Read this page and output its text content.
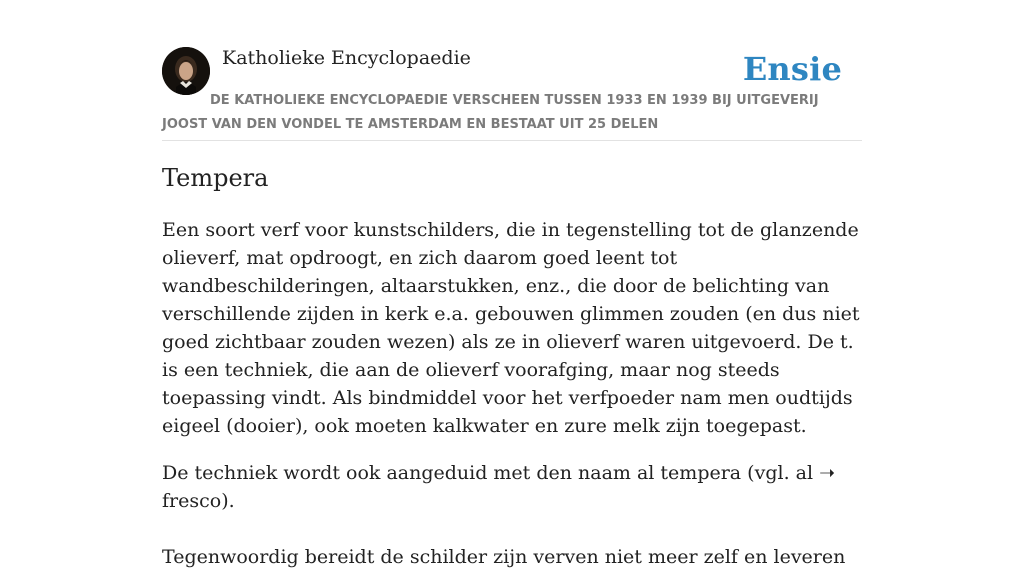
Katholieke Encyclopaedie	Ensie
DE KATHOLIEKE ENCYCLOPAEDIE VERSCHEEN TUSSEN 1933 EN 1939 BIJ UITGEVERIJ JOOST VAN DEN VONDEL TE AMSTERDAM EN BESTAAT UIT 25 DELEN
Tempera

Een soort verf voor kunstschilders, die in tegenstelling tot de glanzende olieverf, mat opdroogt, en zich daarom goed leent tot wandbeschilderingen, altaarstukken, enz., die door de belichting van verschillende zijden in kerk e.a. gebouwen glimmen zouden (en dus niet goed zichtbaar zouden wezen) als ze in olieverf waren uitgevoerd. De t. is een techniek, die aan de olieverf voorafging, maar nog steeds toepassing vindt. Als bindmiddel voor het verfpoeder nam men oudtijds eigeel (dooier), ook moeten kalkwater en zure melk zijn toegepast.

De techniek wordt ook aangeduid met den naam al tempera (vgl. al ➝ fresco).

Tegenwoordig bereidt de schilder zijn verven niet meer zelf en leveren
